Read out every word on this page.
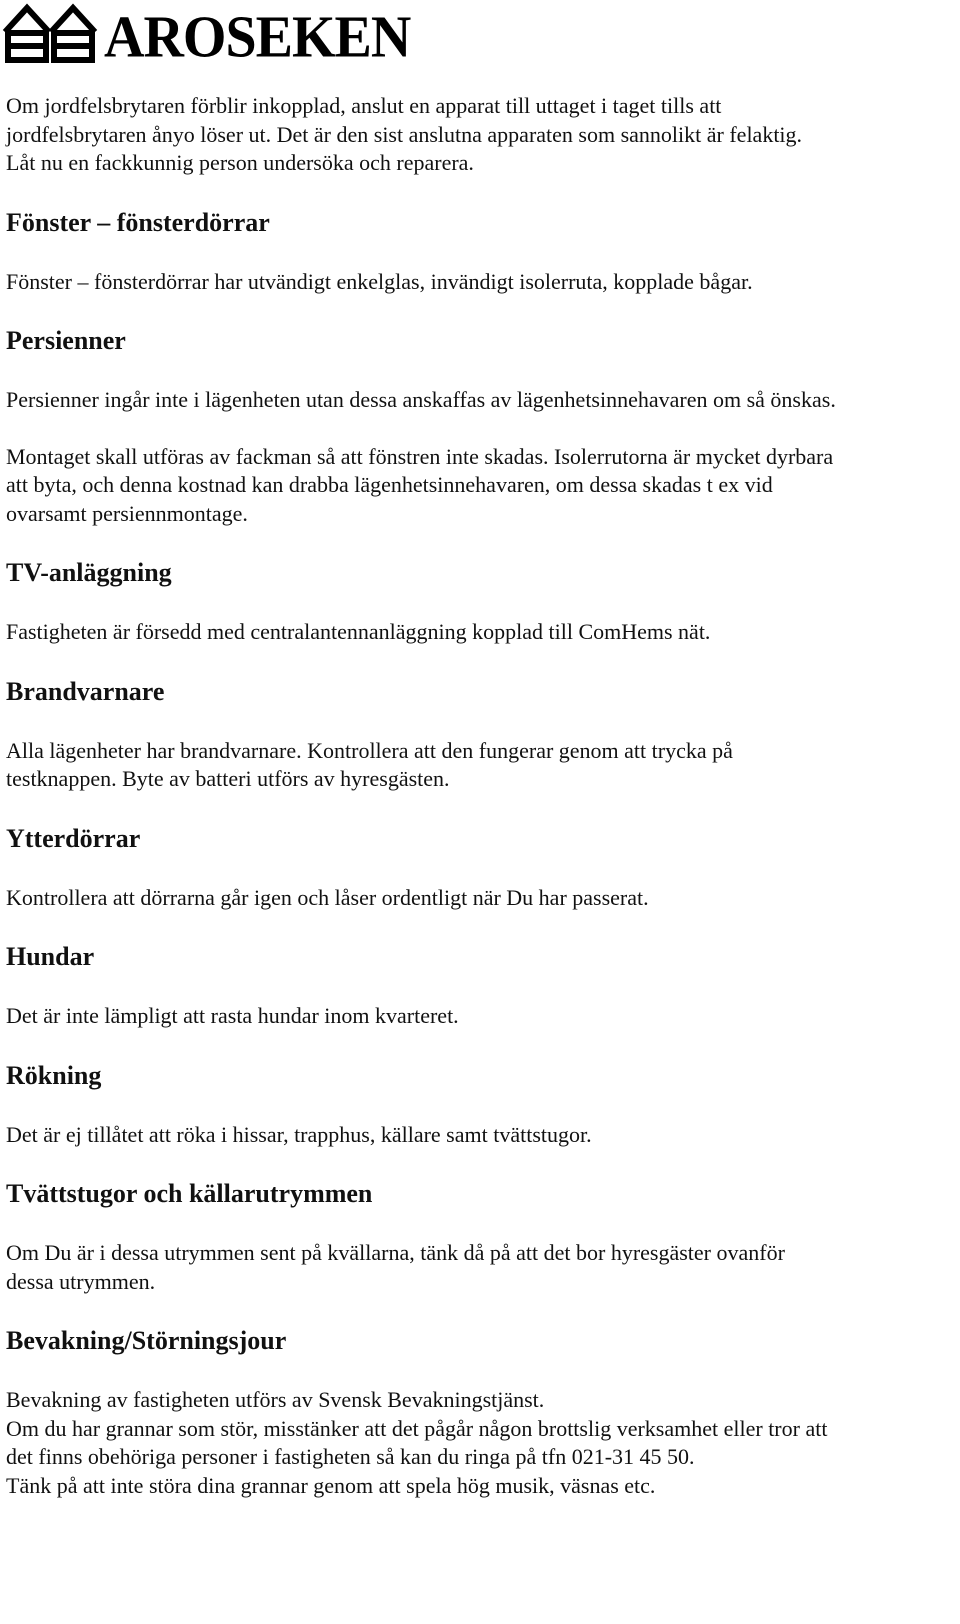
AROSEKEN

Om jordfelsbrytaren förblir inkopplad, anslut en apparat till uttaget i taget tills att

jordfelsbrytaren ånyo löser ut. Det är den sist anslutna apparaten som sannolikt är felaktig.

Låt nu en fackkunnig person undersöka och reparera.

Fönster – fönsterdörrar

Fönster – fönsterdörrar har utvändigt enkelglas, invändigt isolerruta, kopplade bågar.

Persienner

Persienner ingår inte i lägenheten utan dessa anskaffas av lägenhetsinnehavaren om så önskas.

Montaget skall utföras av fackman så att fönstren inte skadas. Isolerrutorna är mycket dyrbara

att byta, och denna kostnad kan drabba lägenhetsinnehavaren, om dessa skadas t ex vid

ovarsamt persiennmontage.

TV-anläggning

Fastigheten är försedd med centralantennanläggning kopplad till ComHems nät.

Brandvarnare

Alla lägenheter har brandvarnare. Kontrollera att den fungerar genom att trycka på

testknappen. Byte av batteri utförs av hyresgästen.

Ytterdörrar

Kontrollera att dörrarna går igen och låser ordentligt när Du har passerat.

Hundar

Det är inte lämpligt att rasta hundar inom kvarteret.

Rökning

Det är ej tillåtet att röka i hissar, trapphus, källare samt tvättstugor.

Tvättstugor och källarutrymmen

Om Du är i dessa utrymmen sent på kvällarna, tänk då på att det bor hyresgäster ovanför

dessa utrymmen.

Bevakning/Störningsjour

Bevakning av fastigheten utförs av Svensk Bevakningstjänst.

Om du har grannar som stör, misstänker att det pågår någon brottslig verksamhet eller tror att

det finns obehöriga personer i fastigheten så kan du ringa på tfn 021-31 45 50.

Tänk på att inte störa dina grannar genom att spela hög musik, väsnas etc.
